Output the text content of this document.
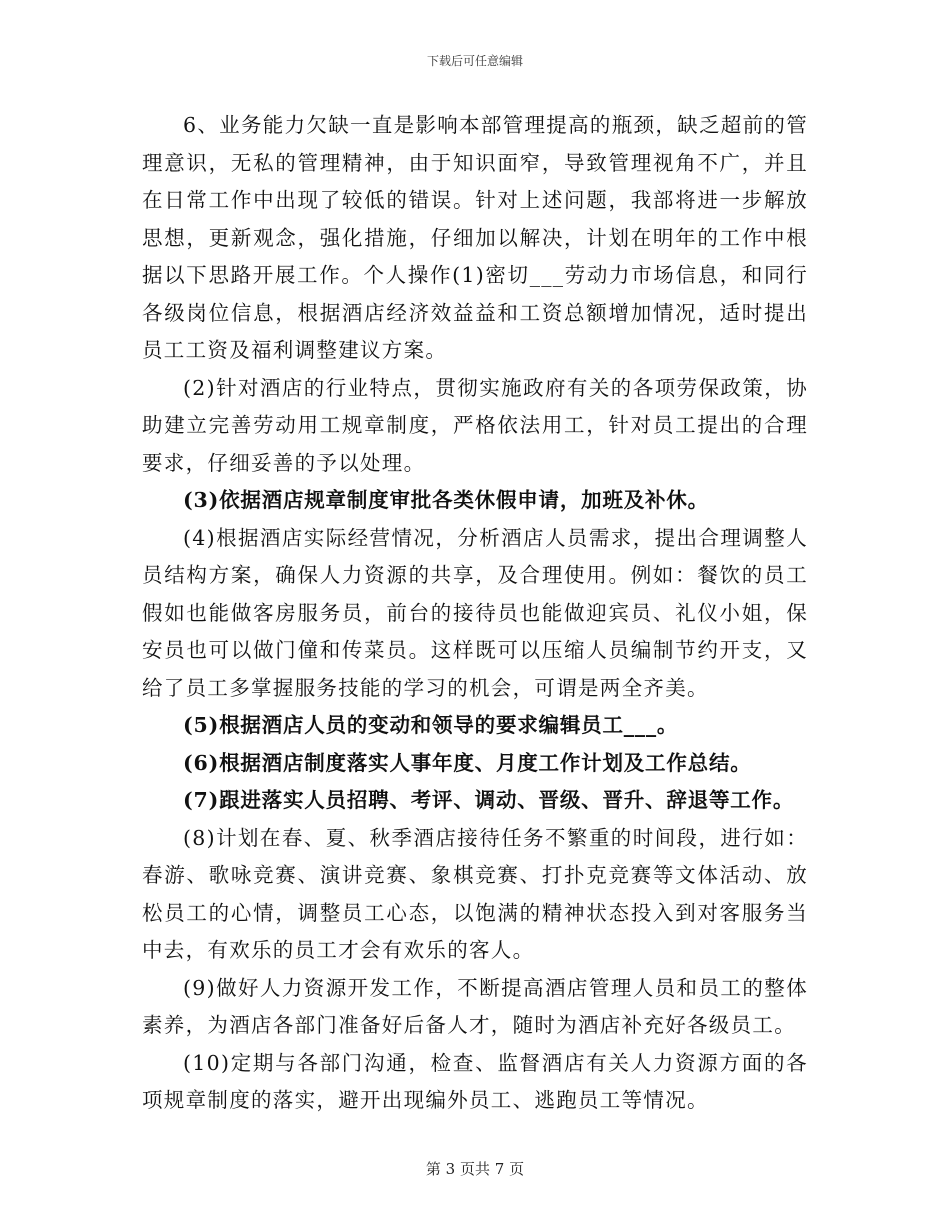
下载后可任意编辑

6、业务能力欠缺一直是影响本部管理提高的瓶颈，缺乏超前的管理意识，无私的管理精神，由于知识面窄，导致管理视角不广，并且在日常工作中出现了较低的错误。针对上述问题，我部将进一步解放思想，更新观念，强化措施，仔细加以解决，计划在明年的工作中根据以下思路开展工作。个人操作(1)密切___劳动力市场信息，和同行各级岗位信息，根据酒店经济效益益和工资总额增加情况，适时提出员工工资及福利调整建议方案。

(2)针对酒店的行业特点，贯彻实施政府有关的各项劳保政策，协助建立完善劳动用工规章制度，严格依法用工，针对员工提出的合理要求，仔细妥善的予以处理。

(3)依据酒店规章制度审批各类休假申请，加班及补休。

(4)根据酒店实际经营情况，分析酒店人员需求，提出合理调整人员结构方案，确保人力资源的共享，及合理使用。例如：餐饮的员工假如也能做客房服务员，前台的接待员也能做迎宾员、礼仪小姐，保安员也可以做门僮和传菜员。这样既可以压缩人员编制节约开支，又给了员工多掌握服务技能的学习的机会，可谓是两全齐美。

(5)根据酒店人员的变动和领导的要求编辑员工___。

(6)根据酒店制度落实人事年度、月度工作计划及工作总结。

(7)跟进落实人员招聘、考评、调动、晋级、晋升、辞退等工作。

(8)计划在春、夏、秋季酒店接待任务不繁重的时间段，进行如：春游、歌咏竞赛、演讲竞赛、象棋竞赛、打扑克竞赛等文体活动、放松员工的心情，调整员工心态，以饱满的精神状态投入到对客服务当中去，有欢乐的员工才会有欢乐的客人。

(9)做好人力资源开发工作，不断提高酒店管理人员和员工的整体素养，为酒店各部门准备好后备人才，随时为酒店补充好各级员工。

(10)定期与各部门沟通，检查、监督酒店有关人力资源方面的各项规章制度的落实，避开出现编外员工、逃跑员工等情况。

第 3 页共 7 页
